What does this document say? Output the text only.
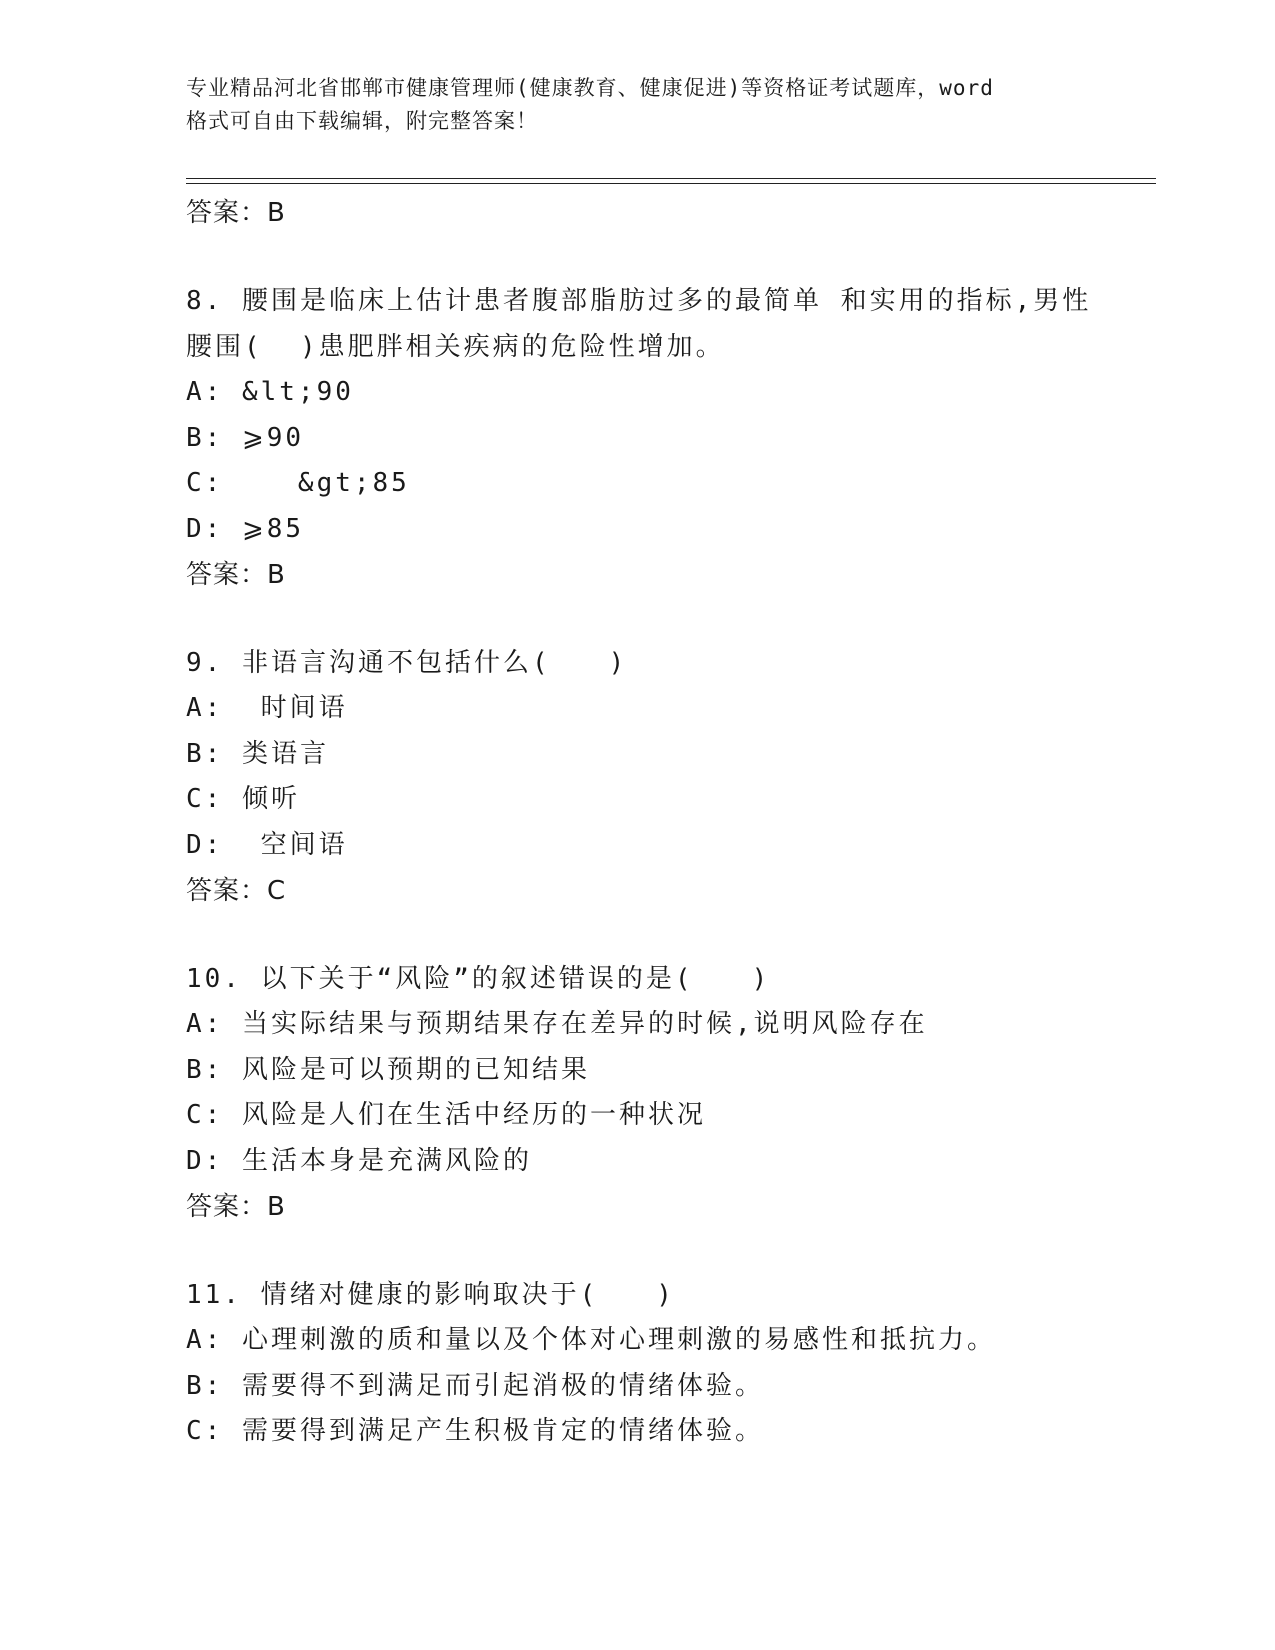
专业精品河北省邯郸市健康管理师(健康教育、健康促进)等资格证考试题库，word
格式可自由下载编辑，附完整答案！

答案：B

8. 腰围是临床上估计患者腹部脂肪过多的最简单 和实用的指标,男性
腰围(  )患肥胖相关疾病的危险性增加。

A: &lt;90

B: ⩾90

C:    &gt;85

D: ⩾85

答案：B

9. 非语言沟通不包括什么(　　)

A:  时间语

B: 类语言

C: 倾听

D:  空间语

答案：C

10. 以下关于“风险”的叙述错误的是(　　)

A: 当实际结果与预期结果存在差异的时候,说明风险存在

B: 风险是可以预期的已知结果

C: 风险是人们在生活中经历的一种状况

D: 生活本身是充满风险的

答案：B

11. 情绪对健康的影响取决于(　　)

A: 心理刺激的质和量以及个体对心理刺激的易感性和抵抗力。

B: 需要得不到满足而引起消极的情绪体验。

C: 需要得到满足产生积极肯定的情绪体验。
